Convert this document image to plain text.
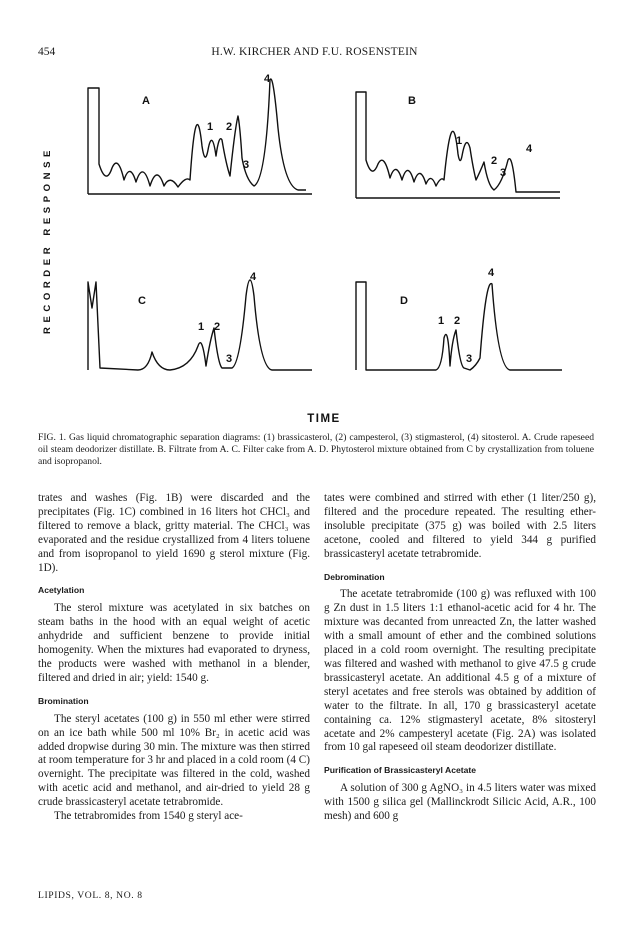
454	H.W. KIRCHER AND F.U. ROSENSTEIN
A
1 2
3
4
B
1
2
3
4
C
1 2
3
4
D
1 2
3
4
RECORDER RESPONSE
TIME
FIG. 1. Gas liquid chromatographic separation diagrams: (1) brassicasterol, (2) campesterol, (3) stigmasterol, (4) sitosterol. A. Crude rapeseed oil steam deodorizer distillate. B. Filtrate from A. C. Filter cake from A. D. Phytosterol mixture obtained from C by crystallization from toluene and isopropanol.

trates and washes (Fig. 1B) were discarded and the precipitates (Fig. 1C) combined in 16 liters hot CHCl₃ and filtered to remove a black, gritty material. The CHCl₃ was evaporated and the residue crystallized from 4 liters toluene and from isopropanol to yield 1690 g sterol mixture (Fig. 1D).

Acetylation

The sterol mixture was acetylated in six batches on steam baths in the hood with an equal weight of acetic anhydride and sufficient benzene to provide initial homogenity. When the mixtures had evaporated to dryness, the products were washed with methanol in a blender, filtered and dried in air; yield: 1540 g.

Bromination

The steryl acetates (100 g) in 550 ml ether were stirred on an ice bath while 500 ml 10% Br₂ in acetic acid was added dropwise during 30 min. The mixture was then stirred at room temperature for 3 hr and placed in a cold room (4 C) overnight. The precipitate was filtered in the cold, washed with acetic acid and methanol, and air-dried to yield 28 g crude brassicasteryl acetate tetrabromide.

The tetrabromides from 1540 g steryl ace-

tates were combined and stirred with ether (1 liter/250 g), filtered and the procedure repeated. The resulting ether-insoluble precipitate (375 g) was boiled with 2.5 liters acetone, cooled and filtered to yield 344 g purified brassicasteryl acetate tetrabromide.

Debromination

The acetate tetrabromide (100 g) was refluxed with 100 g Zn dust in 1.5 liters 1:1 ethanol-acetic acid for 4 hr. The mixture was decanted from unreacted Zn, the latter washed with a small amount of ether and the combined solutions placed in a cold room overnight. The resulting precipitate was filtered and washed with methanol to give 47.5 g crude brassicasteryl acetate. An additional 4.5 g of a mixture of steryl acetates and free sterols was obtained by addition of water to the filtrate. In all, 170 g brassicasteryl acetate containing ca. 12% stigmasteryl acetate, 8% sitosteryl acetate and 2% campesteryl acetate (Fig. 2A) was isolated from 10 gal rapeseed oil steam deodorizer distillate.

Purification of Brassicasteryl Acetate

A solution of 300 g AgNO₃ in 4.5 liters water was mixed with 1500 g silica gel (Mallinckrodt Silicic Acid, A.R., 100 mesh) and 600 g

LIPIDS, VOL. 8, NO. 8
